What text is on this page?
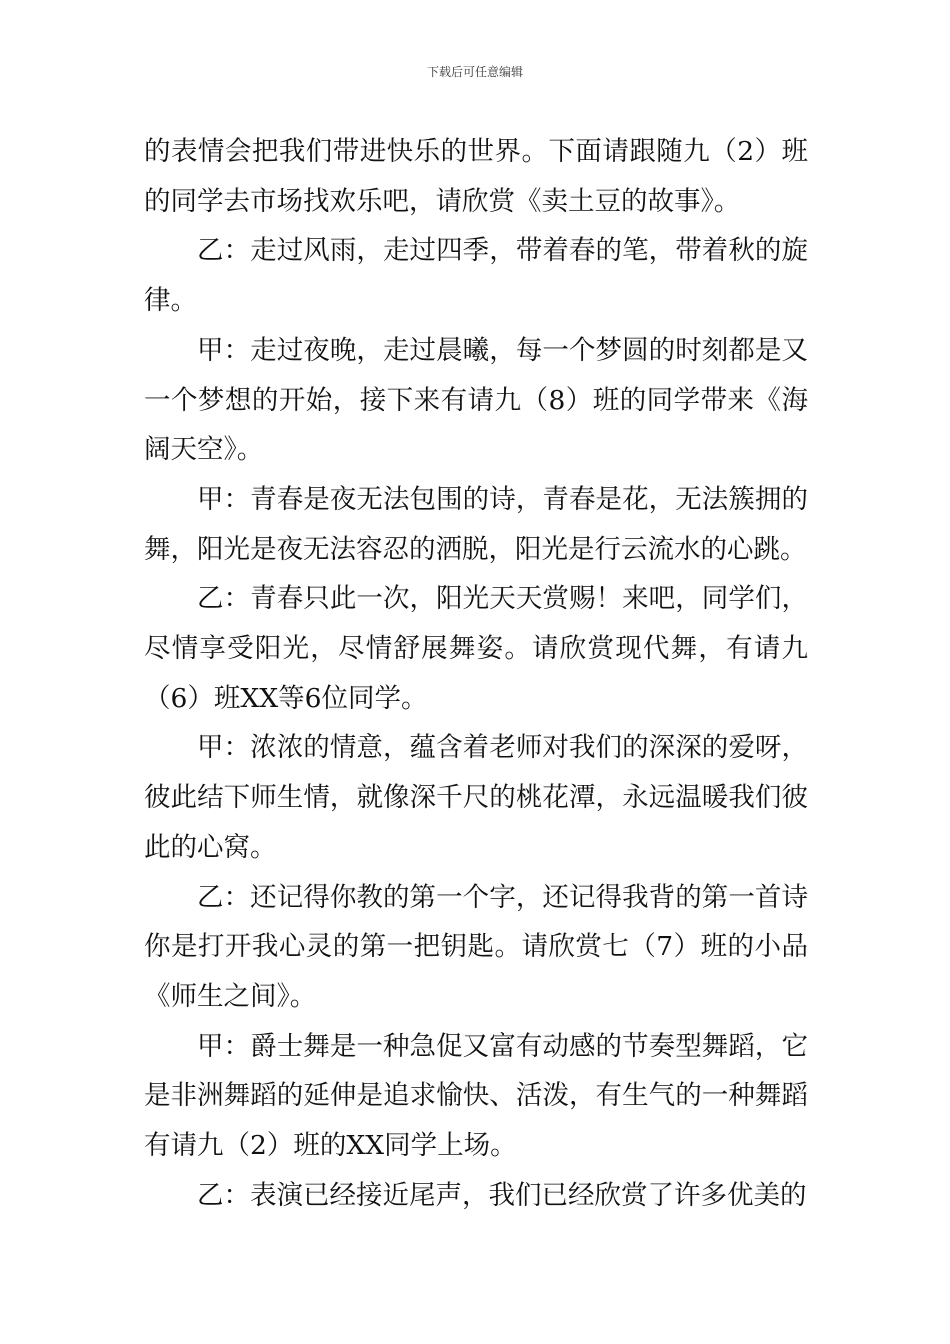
下载后可任意编辑

的表情会把我们带进快乐的世界。下面请跟随九（2）班的同学去市场找欢乐吧，请欣赏《卖土豆的故事》。

乙：走过风雨，走过四季，带着春的笔，带着秋的旋律。

甲：走过夜晚，走过晨曦，每一个梦圆的时刻都是又一个梦想的开始，接下来有请九（8）班的同学带来《海阔天空》。

甲：青春是夜无法包围的诗，青春是花，无法簇拥的舞，阳光是夜无法容忍的洒脱，阳光是行云流水的心跳。

乙：青春只此一次，阳光天天赏赐！来吧，同学们，尽情享受阳光，尽情舒展舞姿。请欣赏现代舞，有请九（6）班XX等6位同学。

甲：浓浓的情意，蕴含着老师对我们的深深的爱呀，彼此结下师生情，就像深千尺的桃花潭，永远温暖我们彼此的心窝。

乙：还记得你教的第一个字，还记得我背的第一首诗你是打开我心灵的第一把钥匙。请欣赏七（7）班的小品《师生之间》。

甲：爵士舞是一种急促又富有动感的节奏型舞蹈，它是非洲舞蹈的延伸是追求愉快、活泼，有生气的一种舞蹈有请九（2）班的XX同学上场。

乙：表演已经接近尾声，我们已经欣赏了许多优美的
